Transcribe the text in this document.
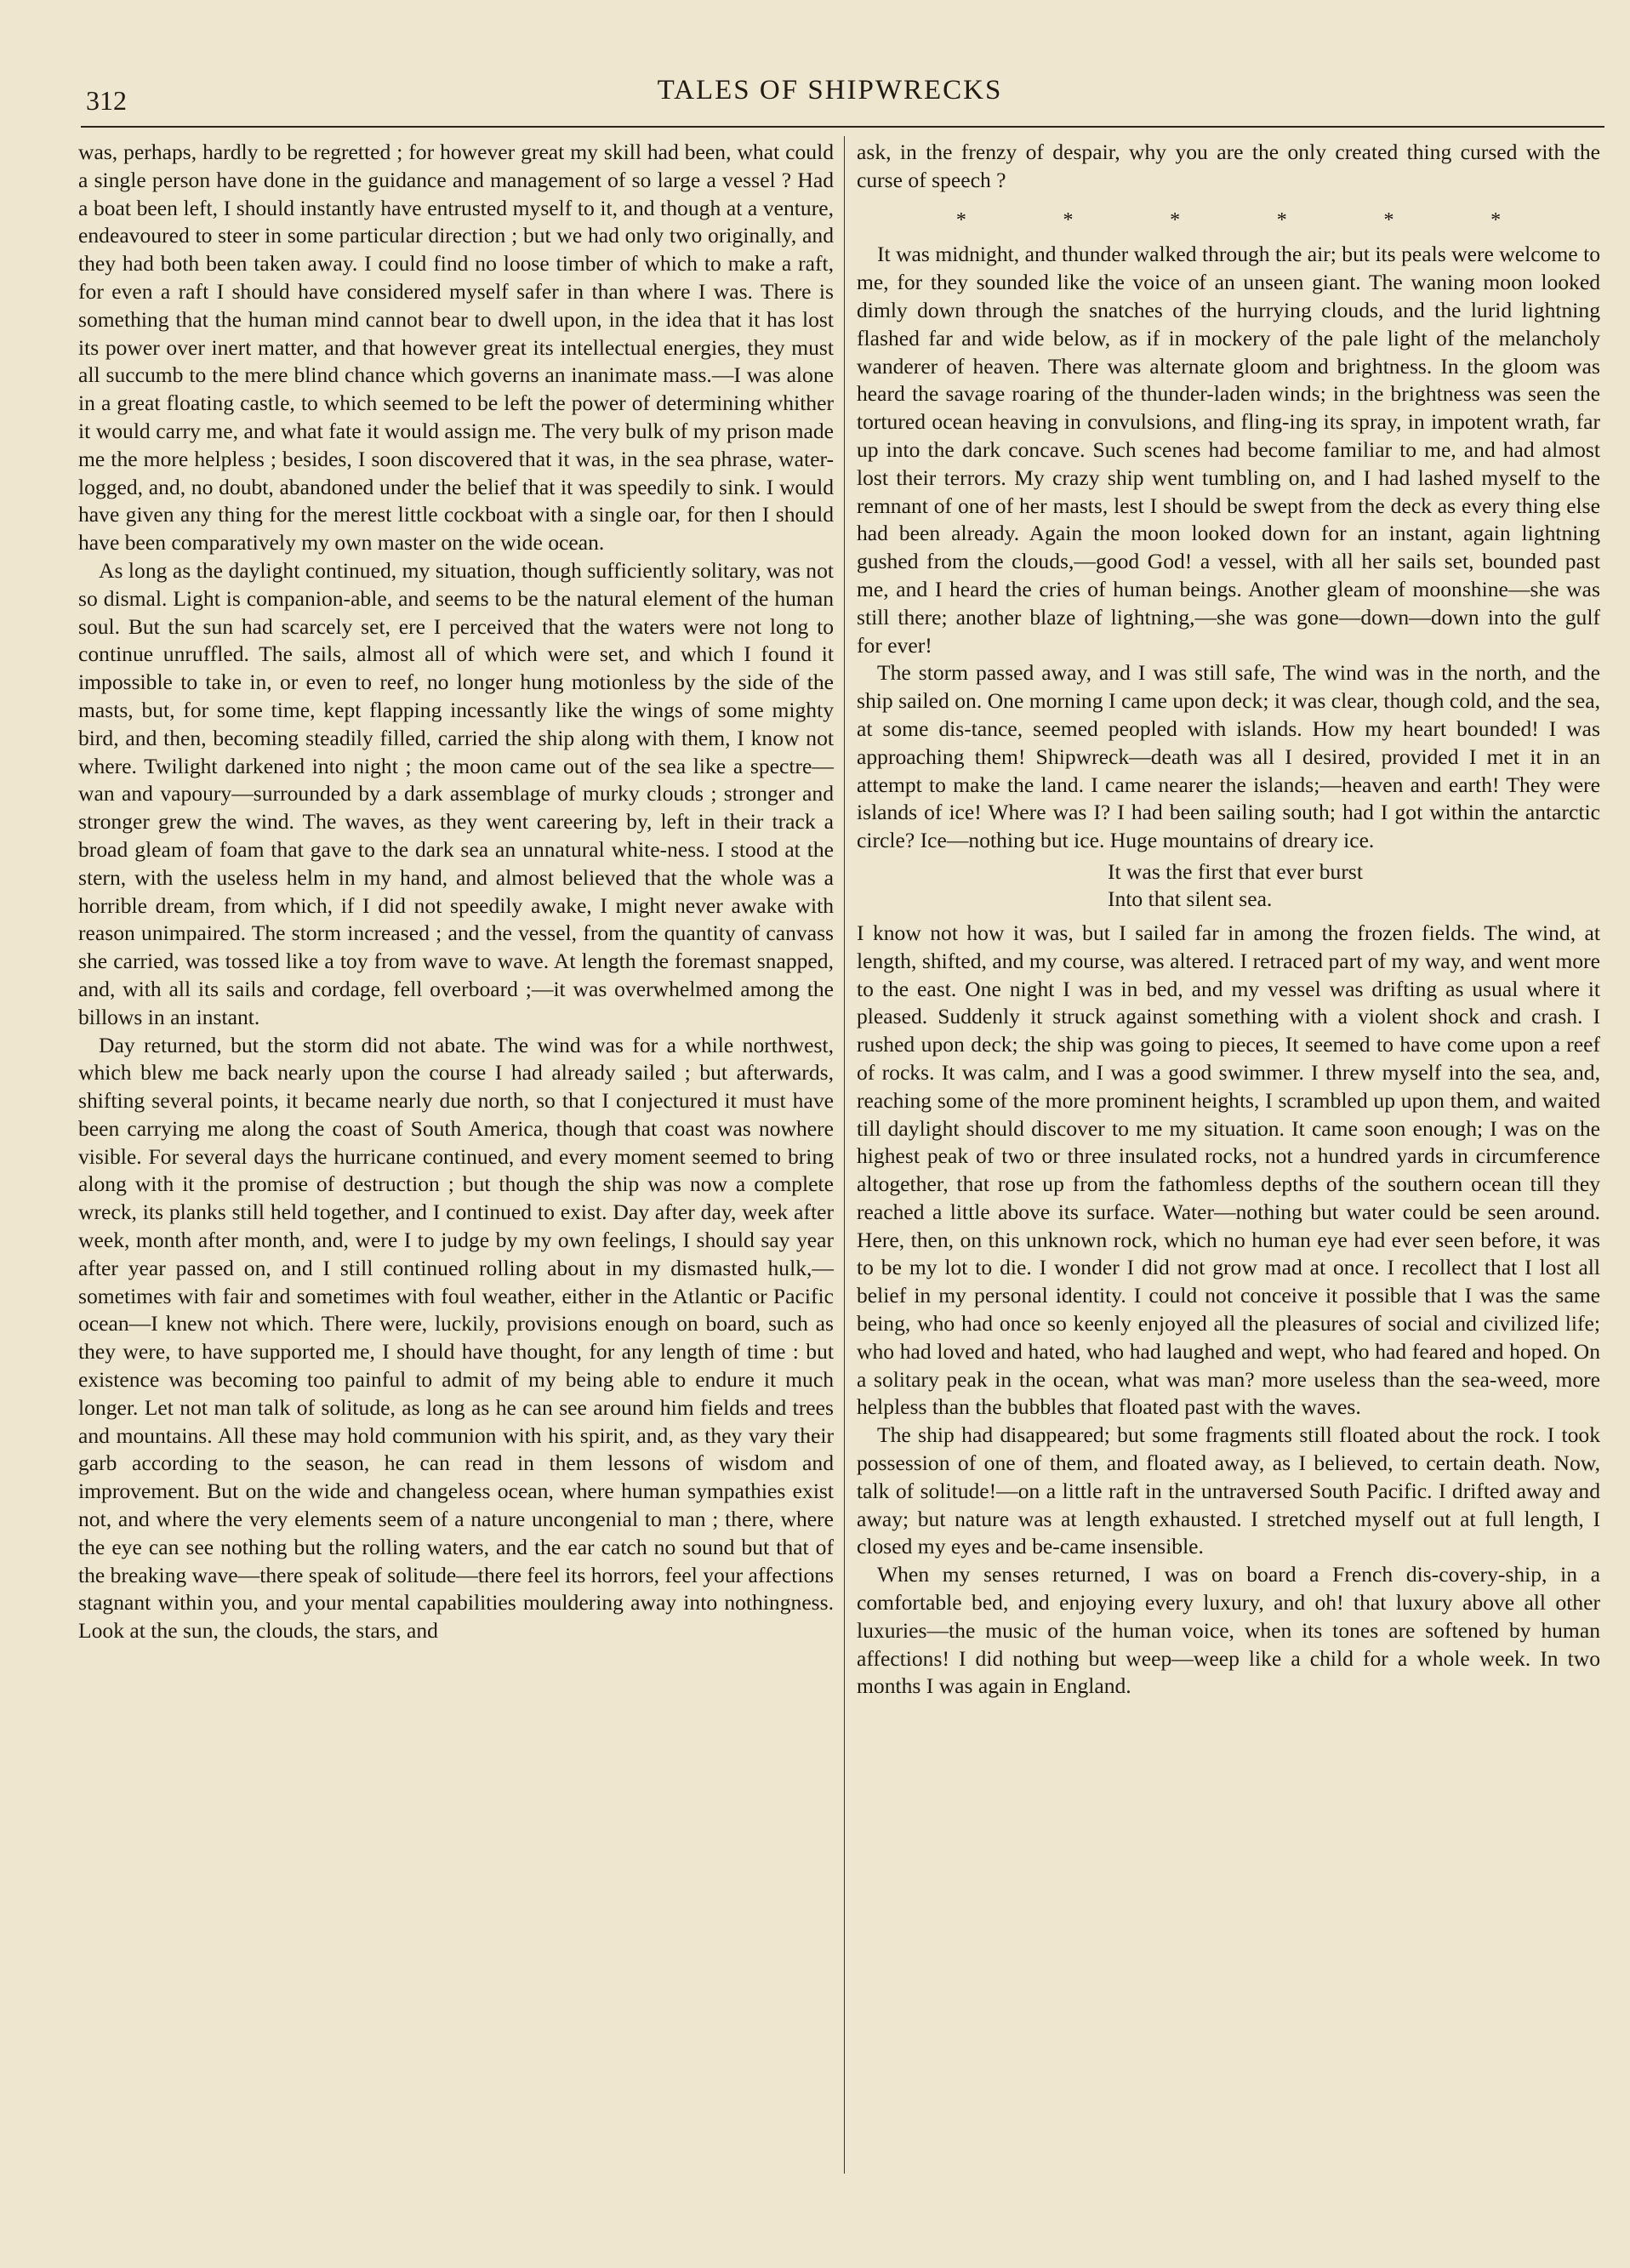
312	TALES OF SHIPWRECKS

was, perhaps, hardly to be regretted ; for however great my skill had been, what could a single person have done in the guidance and management of so large a vessel ? Had a boat been left, I should instantly have entrusted myself to it, and though at a venture, endeavoured to steer in some particular direction ; but we had only two originally, and they had both been taken away. I could find no loose timber of which to make a raft, for even a raft I should have considered myself safer in than where I was. There is something that the human mind cannot bear to dwell upon, in the idea that it has lost its power over inert matter, and that however great its intellectual energies, they must all succumb to the mere blind chance which governs an inanimate mass.—I was alone in a great floating castle, to which seemed to be left the power of determining whither it would carry me, and what fate it would assign me. The very bulk of my prison made me the more helpless ; besides, I soon discovered that it was, in the sea phrase, water-logged, and, no doubt, abandoned under the belief that it was speedily to sink. I would have given any thing for the merest little cockboat with a single oar, for then I should have been comparatively my own master on the wide ocean.

As long as the daylight continued, my situation, though sufficiently solitary, was not so dismal. Light is companion-able, and seems to be the natural element of the human soul. But the sun had scarcely set, ere I perceived that the waters were not long to continue unruffled. The sails, almost all of which were set, and which I found it impossible to take in, or even to reef, no longer hung motionless by the side of the masts, but, for some time, kept flapping incessantly like the wings of some mighty bird, and then, becoming steadily filled, carried the ship along with them, I know not where. Twilight darkened into night ; the moon came out of the sea like a spectre—wan and vapoury—surrounded by a dark assemblage of murky clouds ; stronger and stronger grew the wind. The waves, as they went careering by, left in their track a broad gleam of foam that gave to the dark sea an unnatural white-ness. I stood at the stern, with the useless helm in my hand, and almost believed that the whole was a horrible dream, from which, if I did not speedily awake, I might never awake with reason unimpaired. The storm increased ; and the vessel, from the quantity of canvass she carried, was tossed like a toy from wave to wave. At length the foremast snapped, and, with all its sails and cordage, fell overboard ;—it was overwhelmed among the billows in an instant.

Day returned, but the storm did not abate. The wind was for a while northwest, which blew me back nearly upon the course I had already sailed ; but afterwards, shifting several points, it became nearly due north, so that I conjectured it must have been carrying me along the coast of South America, though that coast was nowhere visible. For several days the hurricane continued, and every moment seemed to bring along with it the promise of destruction ; but though the ship was now a complete wreck, its planks still held together, and I continued to exist. Day after day, week after week, month after month, and, were I to judge by my own feelings, I should say year after year passed on, and I still continued rolling about in my dismasted hulk,—sometimes with fair and sometimes with foul weather, either in the Atlantic or Pacific ocean—I knew not which. There were, luckily, provisions enough on board, such as they were, to have supported me, I should have thought, for any length of time : but existence was becoming too painful to admit of my being able to endure it much longer. Let not man talk of solitude, as long as he can see around him fields and trees and mountains. All these may hold communion with his spirit, and, as they vary their garb according to the season, he can read in them lessons of wisdom and improvement. But on the wide and changeless ocean, where human sympathies exist not, and where the very elements seem of a nature uncongenial to man ; there, where the eye can see nothing but the rolling waters, and the ear catch no sound but that of the breaking wave—there speak of solitude—there feel its horrors, feel your affections stagnant within you, and your mental capabilities mouldering away into nothingness. Look at the sun, the clouds, the stars, and

ask, in the frenzy of despair, why you are the only created thing cursed with the curse of speech ?

*	*	*	*	*	*

It was midnight, and thunder walked through the air; but its peals were welcome to me, for they sounded like the voice of an unseen giant. The waning moon looked dimly down through the snatches of the hurrying clouds, and the lurid lightning flashed far and wide below, as if in mockery of the pale light of the melancholy wanderer of heaven. There was alternate gloom and brightness. In the gloom was heard the savage roaring of the thunder-laden winds; in the brightness was seen the tortured ocean heaving in convulsions, and fling-ing its spray, in impotent wrath, far up into the dark concave. Such scenes had become familiar to me, and had almost lost their terrors. My crazy ship went tumbling on, and I had lashed myself to the remnant of one of her masts, lest I should be swept from the deck as every thing else had been already. Again the moon looked down for an instant, again lightning gushed from the clouds,—good God! a vessel, with all her sails set, bounded past me, and I heard the cries of human beings. Another gleam of moonshine—she was still there; another blaze of lightning,—she was gone—down—down into the gulf for ever!

The storm passed away, and I was still safe, The wind was in the north, and the ship sailed on. One morning I came upon deck; it was clear, though cold, and the sea, at some dis-tance, seemed peopled with islands. How my heart bounded! I was approaching them! Shipwreck—death was all I desired, provided I met it in an attempt to make the land. I came nearer the islands;—heaven and earth! They were islands of ice! Where was I? I had been sailing south; had I got within the antarctic circle? Ice—nothing but ice. Huge mountains of dreary ice.

It was the first that ever burst
Into that silent sea.

I know not how it was, but I sailed far in among the frozen fields. The wind, at length, shifted, and my course, was altered. I retraced part of my way, and went more to the east. One night I was in bed, and my vessel was drifting as usual where it pleased. Suddenly it struck against something with a violent shock and crash. I rushed upon deck; the ship was going to pieces, It seemed to have come upon a reef of rocks. It was calm, and I was a good swimmer. I threw myself into the sea, and, reaching some of the more prominent heights, I scrambled up upon them, and waited till daylight should discover to me my situation. It came soon enough; I was on the highest peak of two or three insulated rocks, not a hundred yards in circumference altogether, that rose up from the fathomless depths of the southern ocean till they reached a little above its surface. Water—nothing but water could be seen around. Here, then, on this unknown rock, which no human eye had ever seen before, it was to be my lot to die. I wonder I did not grow mad at once. I recollect that I lost all belief in my personal identity. I could not conceive it possible that I was the same being, who had once so keenly enjoyed all the pleasures of social and civilized life; who had loved and hated, who had laughed and wept, who had feared and hoped. On a solitary peak in the ocean, what was man? more useless than the sea-weed, more helpless than the bubbles that floated past with the waves.

The ship had disappeared; but some fragments still floated about the rock. I took possession of one of them, and floated away, as I believed, to certain death. Now, talk of solitude!—on a little raft in the untraversed South Pacific. I drifted away and away; but nature was at length exhausted. I stretched myself out at full length, I closed my eyes and be-came insensible.

When my senses returned, I was on board a French dis-covery-ship, in a comfortable bed, and enjoying every luxury, and oh! that luxury above all other luxuries—the music of the human voice, when its tones are softened by human affections! I did nothing but weep—weep like a child for a whole week. In two months I was again in England.
